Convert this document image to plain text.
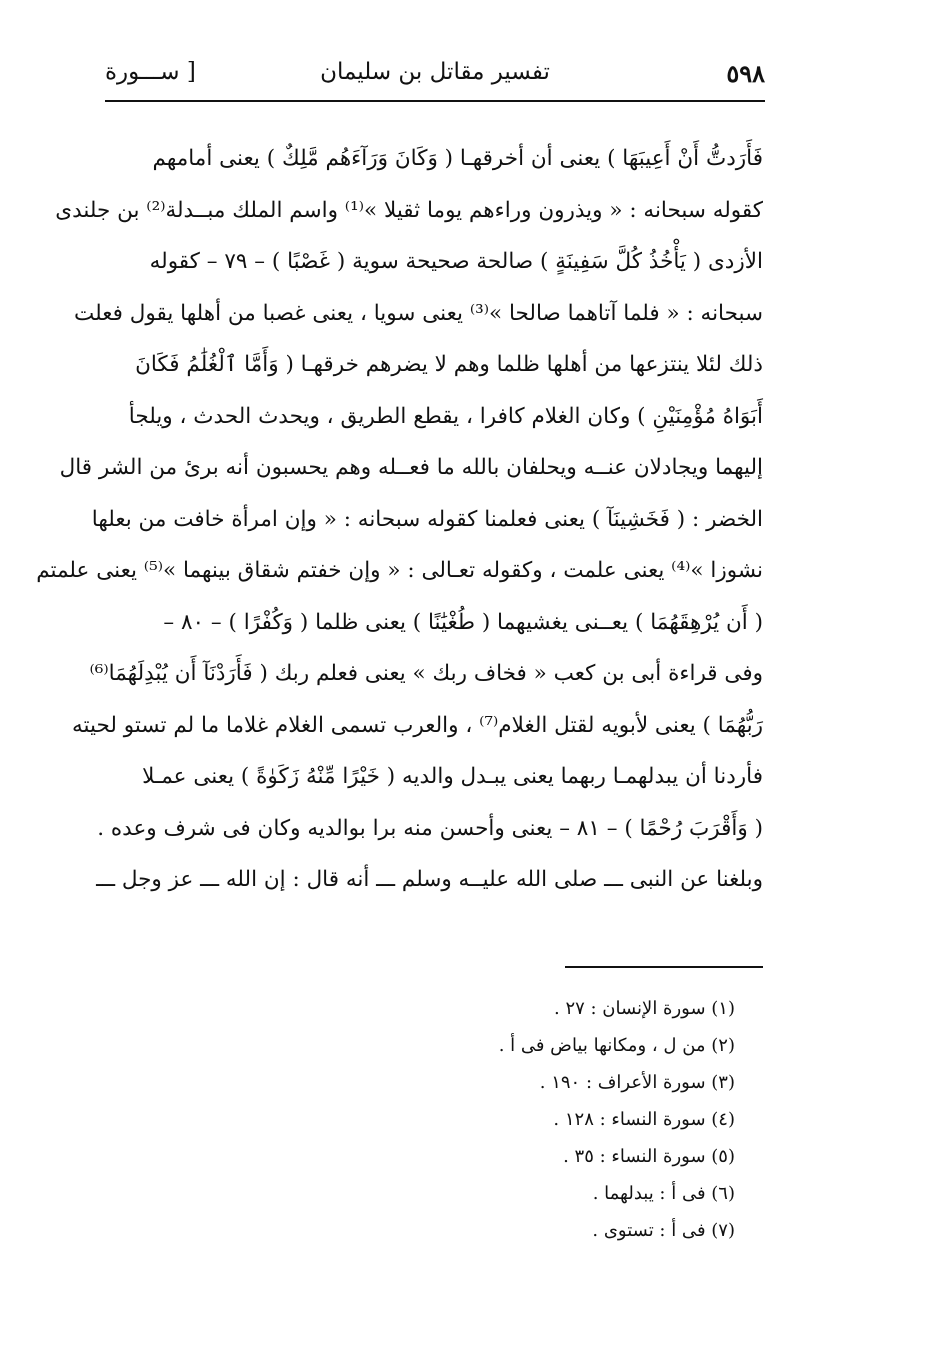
٥٩٨
تفسير مقاتل بن سليمان
[ ســـورة
فَأَرَدتُّ أَنْ أَعِيبَهَا ) يعنى أن أخرقهـا ( وَكَانَ وَرَآءَهُم مَّلِكٌ ) يعنى أمامهم
كقوله سبحانه : « ويذرون وراءهم يوما ثقيلا »⁽¹⁾ واسم الملك مبــدلة⁽²⁾ بن جلندى
الأزدى ( يَأْخُذُ كُلَّ سَفِينَةٍ ) صالحة صحيحة سوية ( غَصْبًا ) – ٧٩ – كقوله
سبحانه : « فلما آتاهما صالحا »⁽³⁾ يعنى سويا ، يعنى غصبا من أهلها يقول فعلت
ذلك لئلا ينتزعها من أهلها ظلما وهم لا يضرهم خرقهـا ( وَأَمَّا ٱلْغُلَٰمُ فَكَانَ
أَبَوَاهُ مُؤْمِنَيْنِ ) وكان الغلام كافرا ، يقطع الطريق ، ويحدث الحدث ، ويلجأ
إليهما ويجادلان عنــه ويحلفان بالله ما فعــله وهم يحسبون أنه برئ من الشر قال
الخضر : ( فَخَشِينَآ ) يعنى فعلمنا كقوله سبحانه : « وإن امرأة خافت من بعلها
نشوزا »⁽⁴⁾ يعنى علمت ، وكقوله تعـالى : « وإن خفتم شقاق بينهما »⁽⁵⁾ يعنى علمتم
( أَن يُرْهِقَهُمَا ) يعــنى يغشيهما ( طُغْيَٰنًا ) يعنى ظلما ( وَكُفْرًا ) – ٨٠ –
وفى قراءة أبى بن كعب « فخاف ربك » يعنى فعلم ربك ( فَأَرَدْنَآ أَن يُبْدِلَهُمَا⁽⁶⁾
رَبُّهُمَا ) يعنى لأبويه لقتل الغلام⁽⁷⁾ ، والعرب تسمى الغلام غلاما ما لم تستو لحيته
فأردنا أن يبدلهمـا ربهما يعنى يبـدل والديه ( خَيْرًا مِّنْهُ زَكَوٰةً ) يعنى عمـلا
( وَأَقْرَبَ رُحْمًا ) – ٨١ – يعنى وأحسن منه برا بوالديه وكان فى شرف وعده .
وبلغنا عن النبى ـــ صلى الله عليــه وسلم ـــ أنه قال : إن الله ـــ عز وجل ـــ
(١) سورة الإنسان : ٢٧ .
(٢) من ل ، ومكانها بياض فى أ .
(٣) سورة الأعراف : ١٩٠ .
(٤) سورة النساء : ١٢٨ .
(٥) سورة النساء : ٣٥ .
(٦) فى أ : يبدلهما .
(٧) فى أ : تستوى .
